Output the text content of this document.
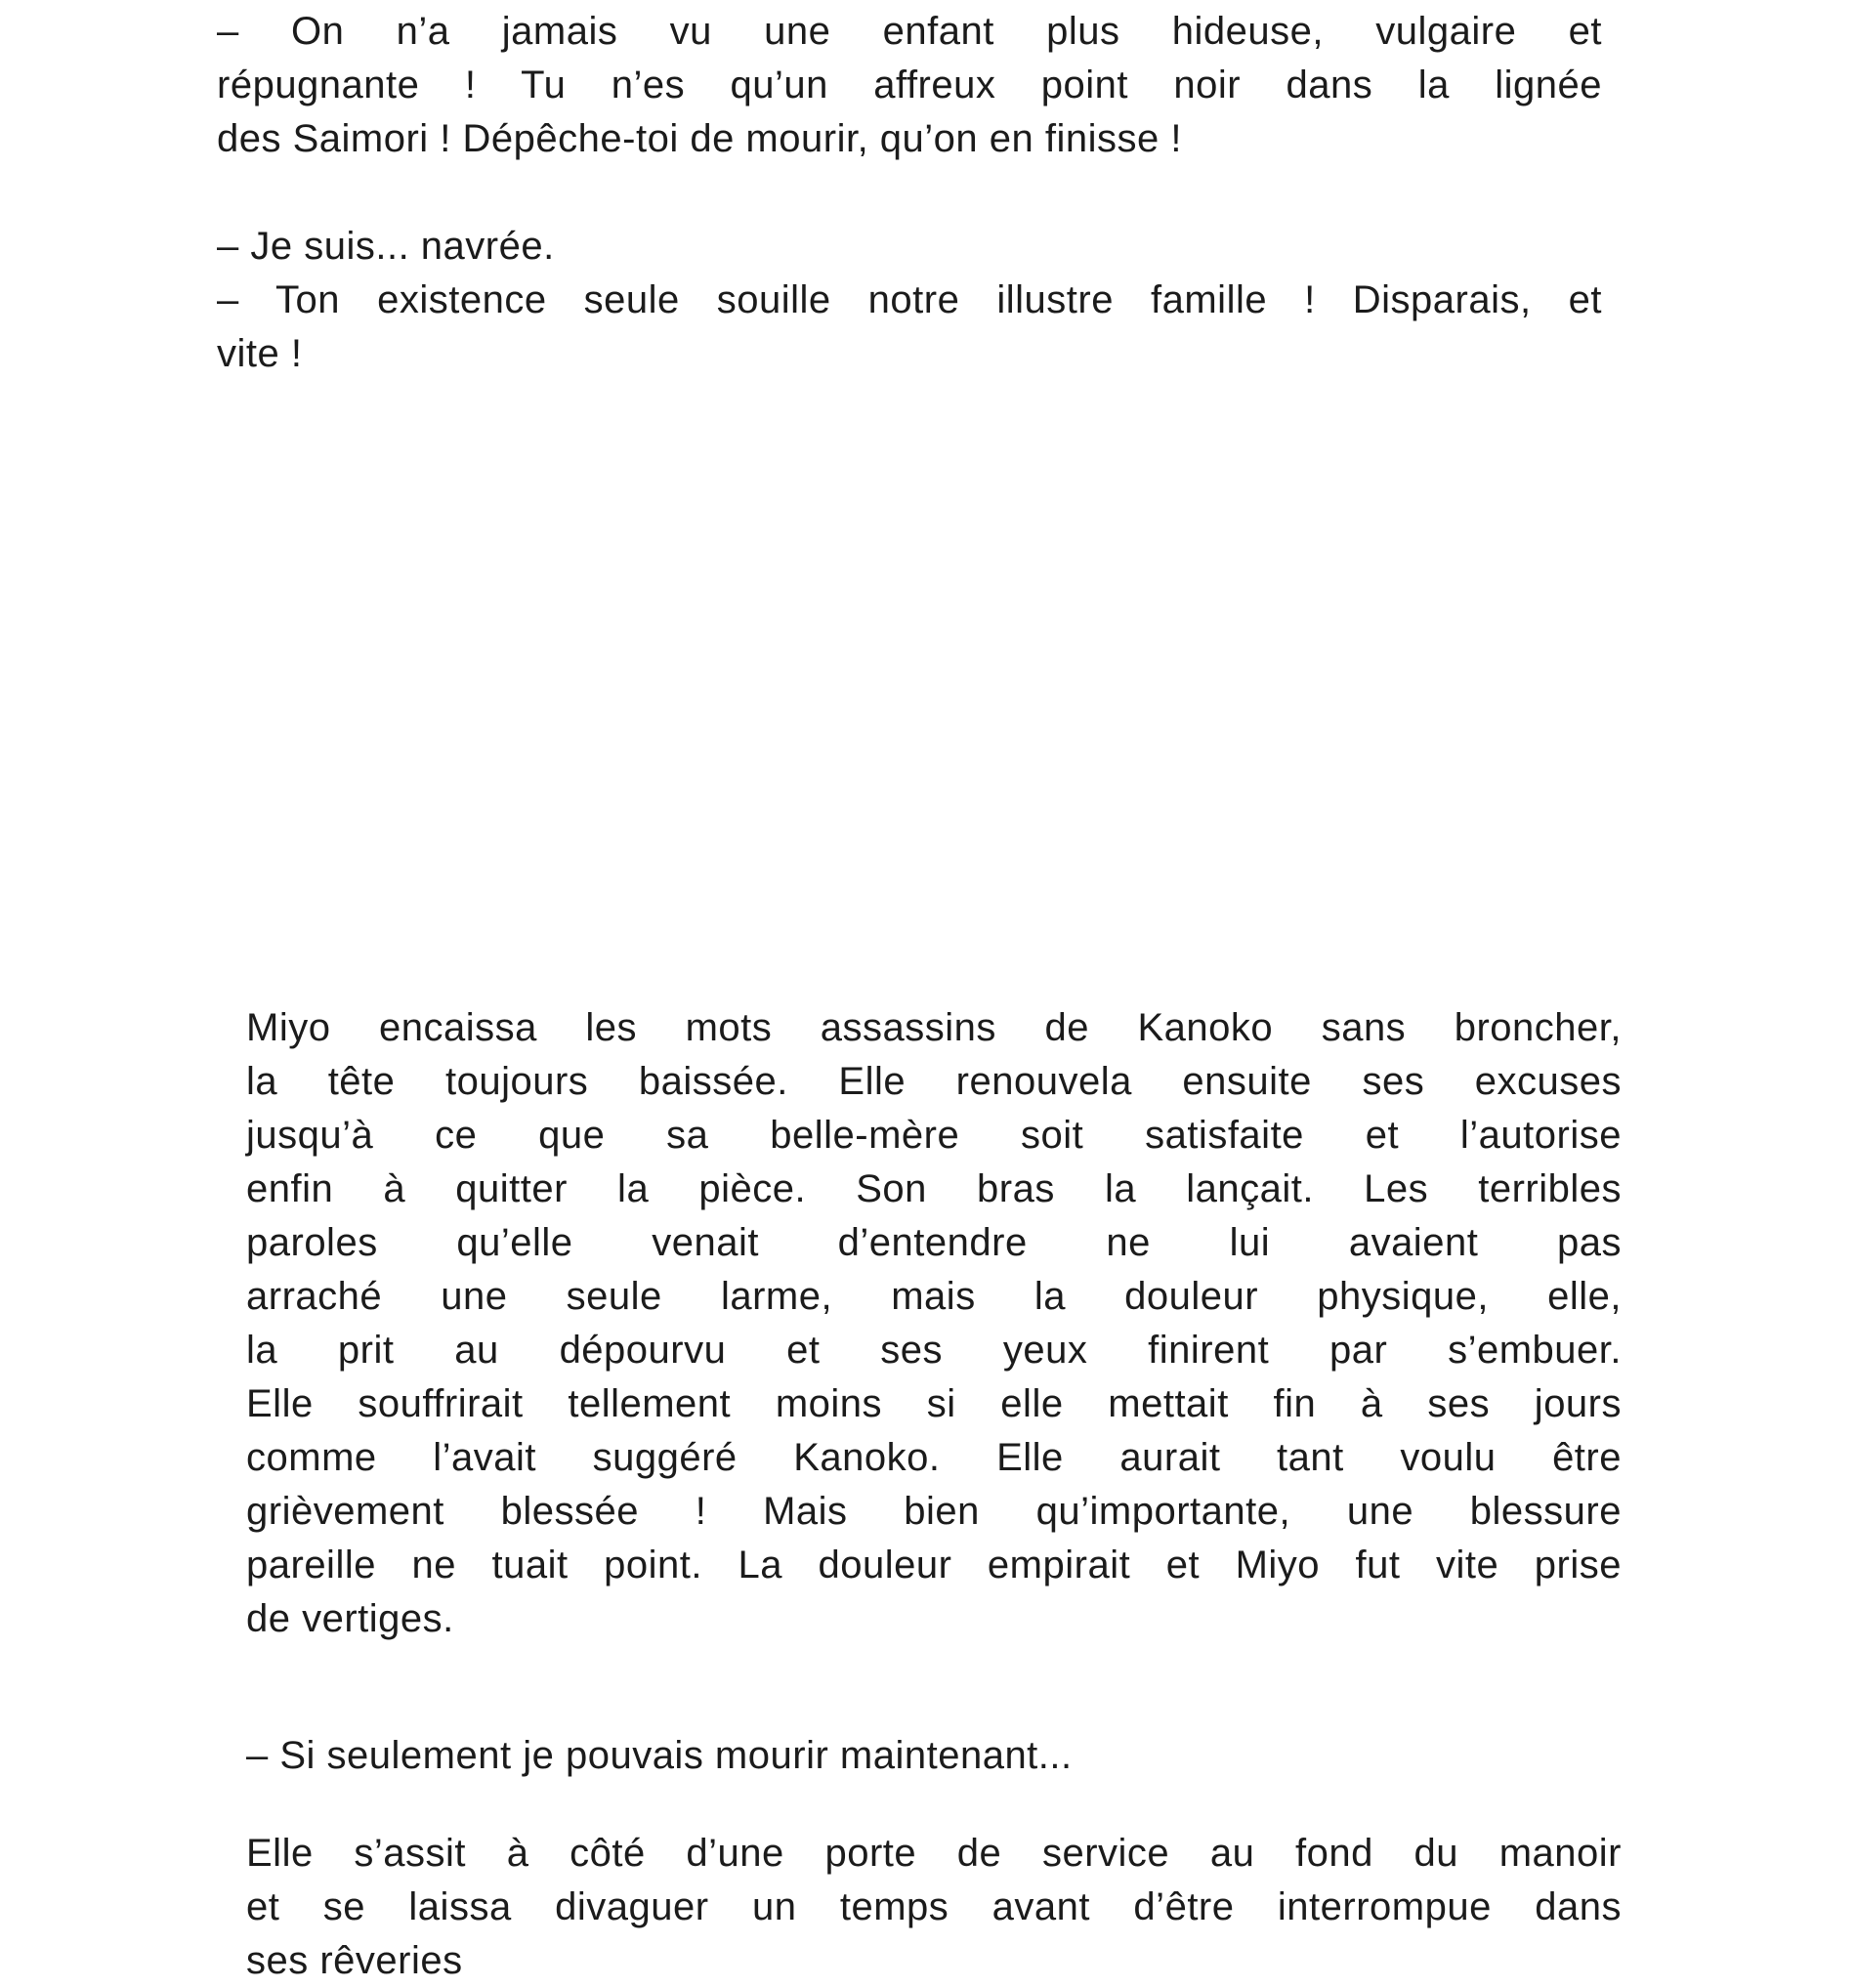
– On n’a jamais vu une enfant plus hideuse, vulgaire et
répugnante ! Tu n’es qu’un affreux point noir dans la lignée
des Saimori ! Dépêche-toi de mourir, qu’on en finisse !
– Je suis... navrée.
– Ton existence seule souille notre illustre famille ! Disparais, et
vite !
Miyo encaissa les mots assassins de Kanoko sans broncher,
la tête toujours baissée. Elle renouvela ensuite ses excuses
jusqu’à ce que sa belle-mère soit satisfaite et l’autorise
enfin à quitter la pièce. Son bras la lançait. Les terribles
paroles qu’elle venait d’entendre ne lui avaient pas
arraché une seule larme, mais la douleur physique, elle,
la prit au dépourvu et ses yeux finirent par s’embuer.
Elle souffrirait tellement moins si elle mettait fin à ses jours
comme l’avait suggéré Kanoko. Elle aurait tant voulu être
grièvement blessée ! Mais bien qu’importante, une blessure
pareille ne tuait point. La douleur empirait et Miyo fut vite prise
de vertiges.
– Si seulement je pouvais mourir maintenant...
Elle s’assit à côté d’une porte de service au fond du manoir
et se laissa divaguer un temps avant d’être interrompue dans
ses rêveries
